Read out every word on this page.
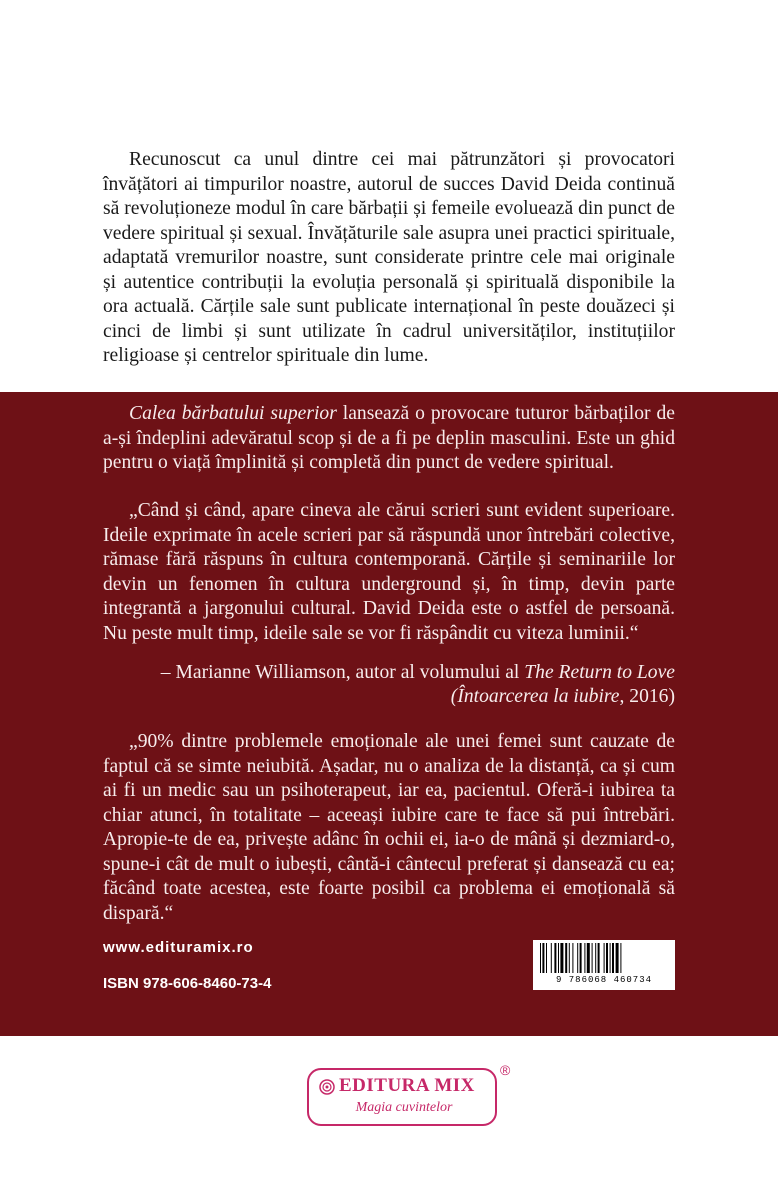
Recunoscut ca unul dintre cei mai pătrunzători și provocatori învățători ai timpurilor noastre, autorul de succes David Deida continuă să revoluționeze modul în care bărbații și femeile evoluează din punct de vedere spiritual și sexual. Învățăturile sale asupra unei practici spirituale, adaptată vremurilor noastre, sunt considerate printre cele mai originale și autentice contribuții la evoluția personală și spirituală disponibile la ora actuală. Cărțile sale sunt publicate internațional în peste douăzeci și cinci de limbi și sunt utilizate în cadrul universităților, instituțiilor religioase și centrelor spirituale din lume.

Calea bărbatului superior lansează o provocare tuturor bărbaților de a-și îndeplini adevăratul scop și de a fi pe deplin masculini. Este un ghid pentru o viață împlinită și completă din punct de vedere spiritual.

„Când și când, apare cineva ale cărui scrieri sunt evident superioare. Ideile exprimate în acele scrieri par să răspundă unor întrebări colective, rămase fără răspuns în cultura contemporană. Cărțile și seminariile lor devin un fenomen în cultura underground și, în timp, devin parte integrantă a jargonului cultural. David Deida este o astfel de persoană. Nu peste mult timp, ideile sale se vor fi răspândit cu viteza luminii.“

– Marianne Williamson, autor al volumului al The Return to Love

(Întoarcerea la iubire, 2016)

„90% dintre problemele emoționale ale unei femei sunt cauzate de faptul că se simte neiubită. Așadar, nu o analiza de la distanță, ca și cum ai fi un medic sau un psihoterapeut, iar ea, pacientul. Oferă-i iubirea ta chiar atunci, în totalitate – aceeași iubire care te face să pui întrebări. Apropie-te de ea, privește adânc în ochii ei, ia-o de mână și dezmiard-o, spune-i cât de mult o iubești, cântă-i cântecul preferat și dansează cu ea; făcând toate acestea, este foarte posibil ca problema ei emoțională să dispară.“

www.edituramix.ro
ISBN 978-606-8460-73-4	9 786068 460734
EDITURA MIX
Magia cuvintelor
®
